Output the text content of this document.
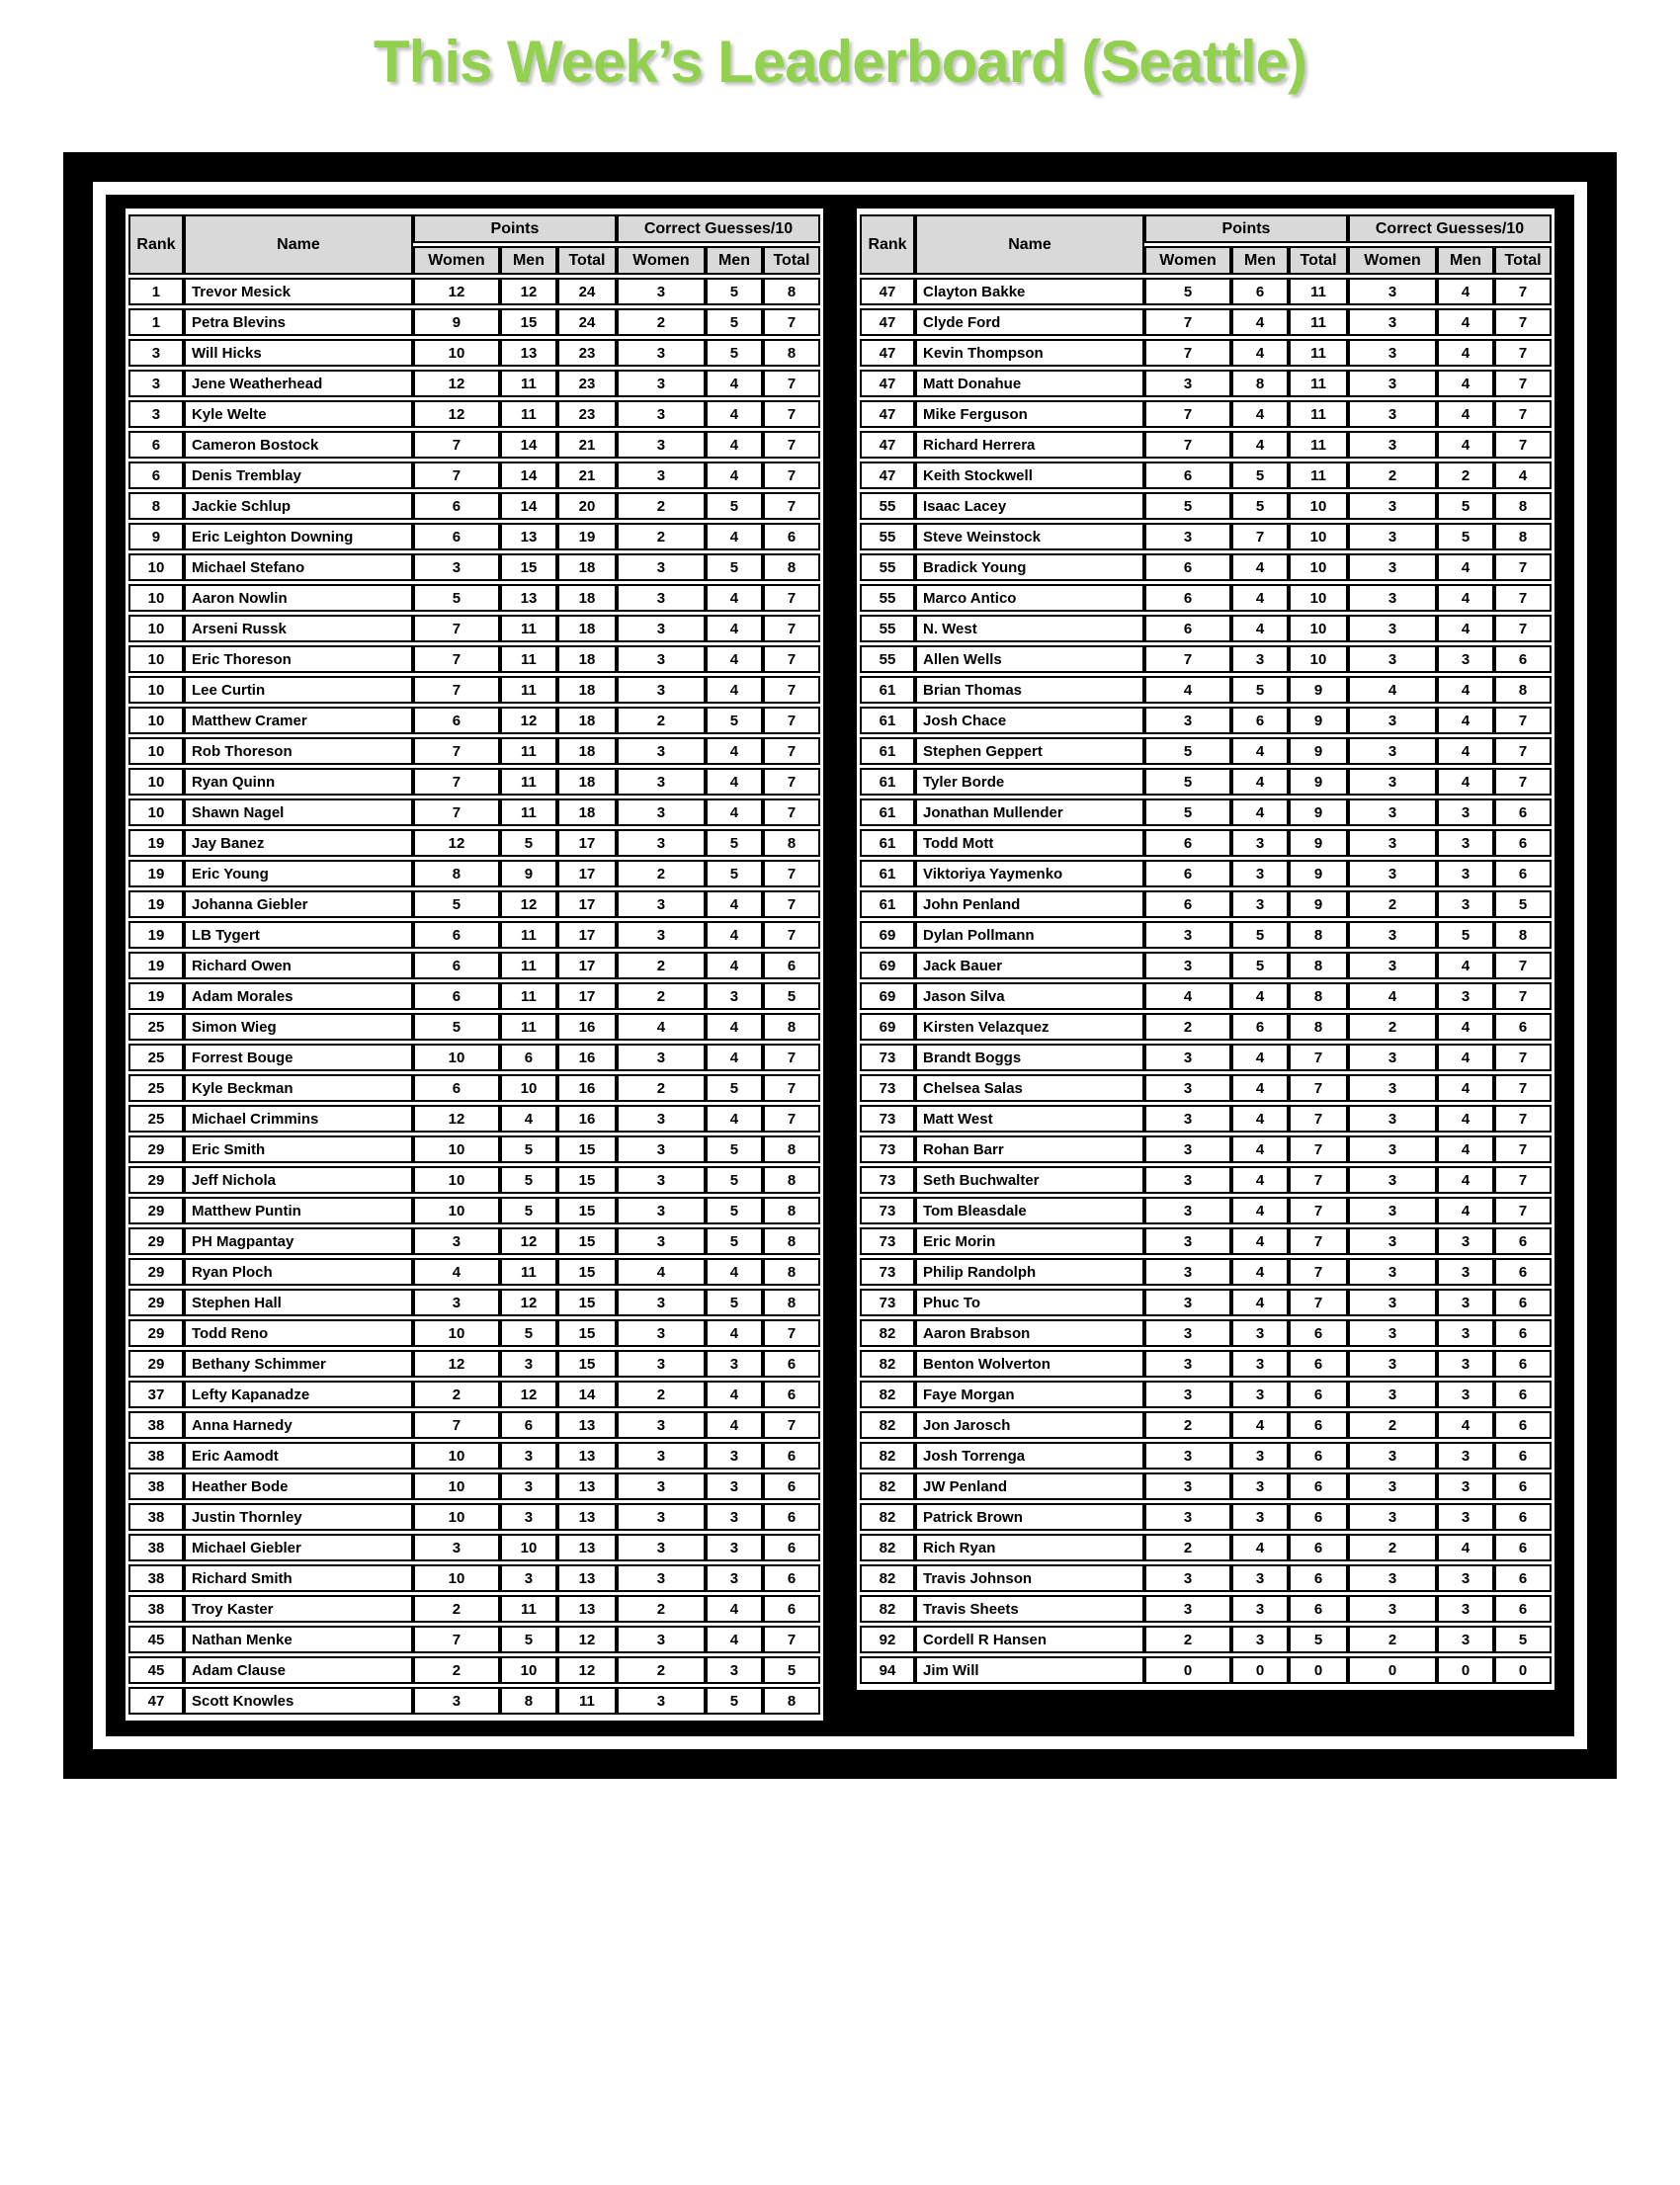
This Week’s Leaderboard (Seattle)
Rank	Name	Points			Correct Guesses/10		
		Women	Men	Total	Women	Men	Total
1	Trevor Mesick	12	12	24	3	5	8
1	Petra Blevins	9	15	24	2	5	7
3	Will Hicks	10	13	23	3	5	8
3	Jene Weatherhead	12	11	23	3	4	7
3	Kyle Welte	12	11	23	3	4	7
6	Cameron Bostock	7	14	21	3	4	7
6	Denis Tremblay	7	14	21	3	4	7
8	Jackie Schlup	6	14	20	2	5	7
9	Eric Leighton Downing	6	13	19	2	4	6
10	Michael Stefano	3	15	18	3	5	8
10	Aaron Nowlin	5	13	18	3	4	7
10	Arseni Russk	7	11	18	3	4	7
10	Eric Thoreson	7	11	18	3	4	7
10	Lee Curtin	7	11	18	3	4	7
10	Matthew Cramer	6	12	18	2	5	7
10	Rob Thoreson	7	11	18	3	4	7
10	Ryan Quinn	7	11	18	3	4	7
10	Shawn Nagel	7	11	18	3	4	7
19	Jay Banez	12	5	17	3	5	8
19	Eric Young	8	9	17	2	5	7
19	Johanna Giebler	5	12	17	3	4	7
19	LB Tygert	6	11	17	3	4	7
19	Richard Owen	6	11	17	2	4	6
19	Adam Morales	6	11	17	2	3	5
25	Simon Wieg	5	11	16	4	4	8
25	Forrest Bouge	10	6	16	3	4	7
25	Kyle Beckman	6	10	16	2	5	7
25	Michael Crimmins	12	4	16	3	4	7
29	Eric Smith	10	5	15	3	5	8
29	Jeff Nichola	10	5	15	3	5	8
29	Matthew Puntin	10	5	15	3	5	8
29	PH Magpantay	3	12	15	3	5	8
29	Ryan Ploch	4	11	15	4	4	8
29	Stephen Hall	3	12	15	3	5	8
29	Todd Reno	10	5	15	3	4	7
29	Bethany Schimmer	12	3	15	3	3	6
37	Lefty Kapanadze	2	12	14	2	4	6
38	Anna Harnedy	7	6	13	3	4	7
38	Eric Aamodt	10	3	13	3	3	6
38	Heather Bode	10	3	13	3	3	6
38	Justin Thornley	10	3	13	3	3	6
38	Michael Giebler	3	10	13	3	3	6
38	Richard Smith	10	3	13	3	3	6
38	Troy Kaster	2	11	13	2	4	6
45	Nathan Menke	7	5	12	3	4	7
45	Adam Clause	2	10	12	2	3	5
47	Scott Knowles	3	8	11	3	5	8
Rank	Name	Points			Correct Guesses/10		
		Women	Men	Total	Women	Men	Total
47	Clayton Bakke	5	6	11	3	4	7
47	Clyde Ford	7	4	11	3	4	7
47	Kevin Thompson	7	4	11	3	4	7
47	Matt Donahue	3	8	11	3	4	7
47	Mike Ferguson	7	4	11	3	4	7
47	Richard Herrera	7	4	11	3	4	7
47	Keith Stockwell	6	5	11	2	2	4
55	Isaac Lacey	5	5	10	3	5	8
55	Steve Weinstock	3	7	10	3	5	8
55	Bradick Young	6	4	10	3	4	7
55	Marco Antico	6	4	10	3	4	7
55	N. West	6	4	10	3	4	7
55	Allen Wells	7	3	10	3	3	6
61	Brian Thomas	4	5	9	4	4	8
61	Josh Chace	3	6	9	3	4	7
61	Stephen Geppert	5	4	9	3	4	7
61	Tyler Borde	5	4	9	3	4	7
61	Jonathan Mullender	5	4	9	3	3	6
61	Todd Mott	6	3	9	3	3	6
61	Viktoriya Yaymenko	6	3	9	3	3	6
61	John Penland	6	3	9	2	3	5
69	Dylan Pollmann	3	5	8	3	5	8
69	Jack Bauer	3	5	8	3	4	7
69	Jason Silva	4	4	8	4	3	7
69	Kirsten Velazquez	2	6	8	2	4	6
73	Brandt Boggs	3	4	7	3	4	7
73	Chelsea Salas	3	4	7	3	4	7
73	Matt West	3	4	7	3	4	7
73	Rohan Barr	3	4	7	3	4	7
73	Seth Buchwalter	3	4	7	3	4	7
73	Tom Bleasdale	3	4	7	3	4	7
73	Eric Morin	3	4	7	3	3	6
73	Philip Randolph	3	4	7	3	3	6
73	Phuc To	3	4	7	3	3	6
82	Aaron Brabson	3	3	6	3	3	6
82	Benton Wolverton	3	3	6	3	3	6
82	Faye Morgan	3	3	6	3	3	6
82	Jon Jarosch	2	4	6	2	4	6
82	Josh Torrenga	3	3	6	3	3	6
82	JW Penland	3	3	6	3	3	6
82	Patrick Brown	3	3	6	3	3	6
82	Rich Ryan	2	4	6	2	4	6
82	Travis Johnson	3	3	6	3	3	6
82	Travis Sheets	3	3	6	3	3	6
92	Cordell R Hansen	2	3	5	2	3	5
94	Jim Will	0	0	0	0	0	0
